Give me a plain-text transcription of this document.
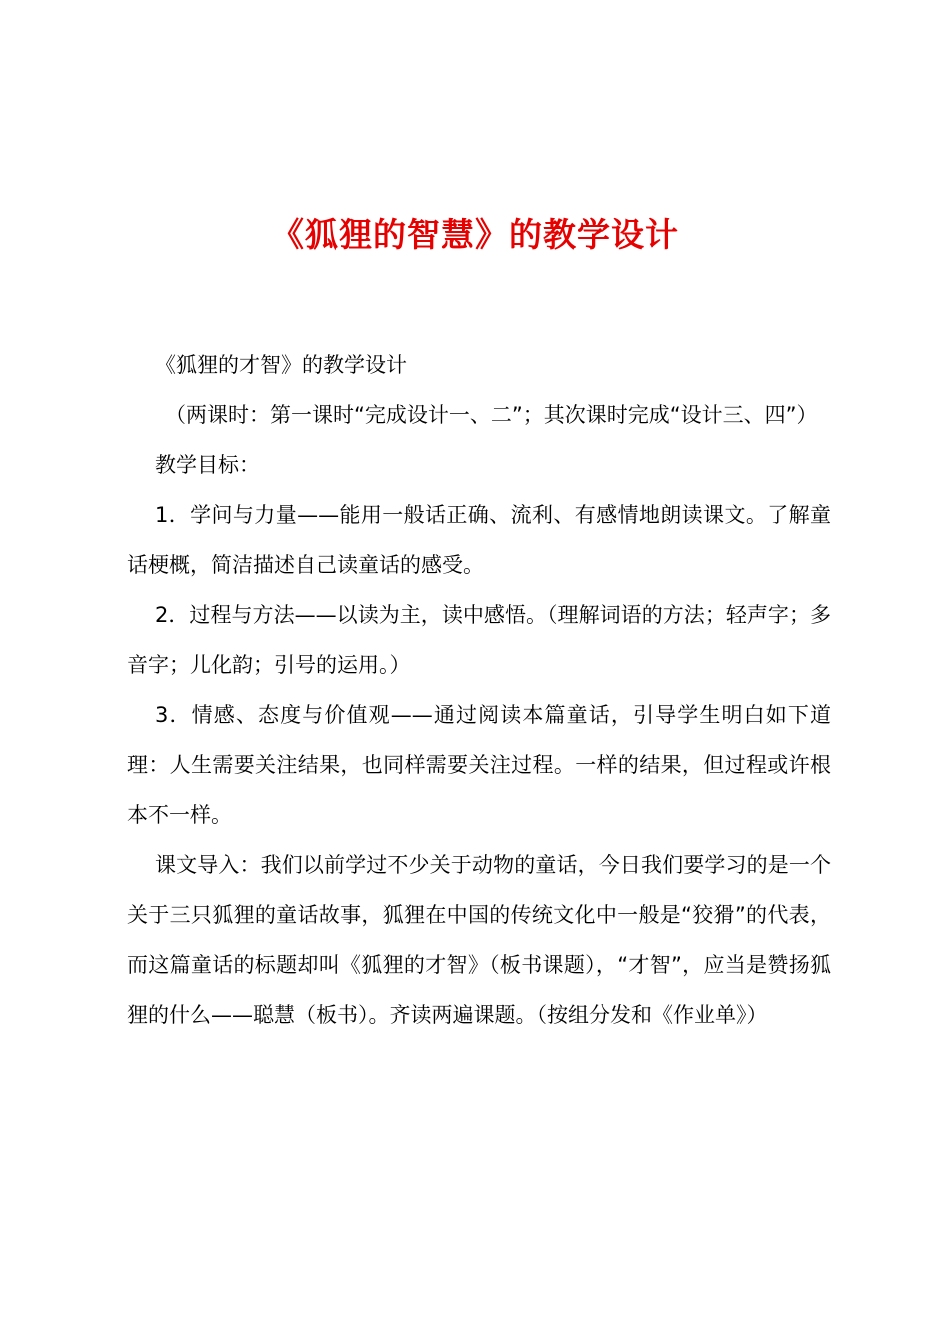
《狐狸的智慧》的教学设计

《狐狸的才智》的教学设计

（两课时：第一课时“完成设计一、二”；其次课时完成“设计三、四”）

教学目标：

1．学问与力量——能用一般话正确、流利、有感情地朗读课文。了解童话梗概，简洁描述自己读童话的感受。

2．过程与方法——以读为主，读中感悟。（理解词语的方法；轻声字；多音字；儿化韵；引号的运用。）

3．情感、态度与价值观——通过阅读本篇童话，引导学生明白如下道理：人生需要关注结果，也同样需要关注过程。一样的结果，但过程或许根本不一样。

课文导入：我们以前学过不少关于动物的童话，今日我们要学习的是一个关于三只狐狸的童话故事，狐狸在中国的传统文化中一般是“狡猾”的代表，而这篇童话的标题却叫《狐狸的才智》（板书课题），“才智”，应当是赞扬狐狸的什么——聪慧（板书）。齐读两遍课题。（按组分发和《作业单》）
